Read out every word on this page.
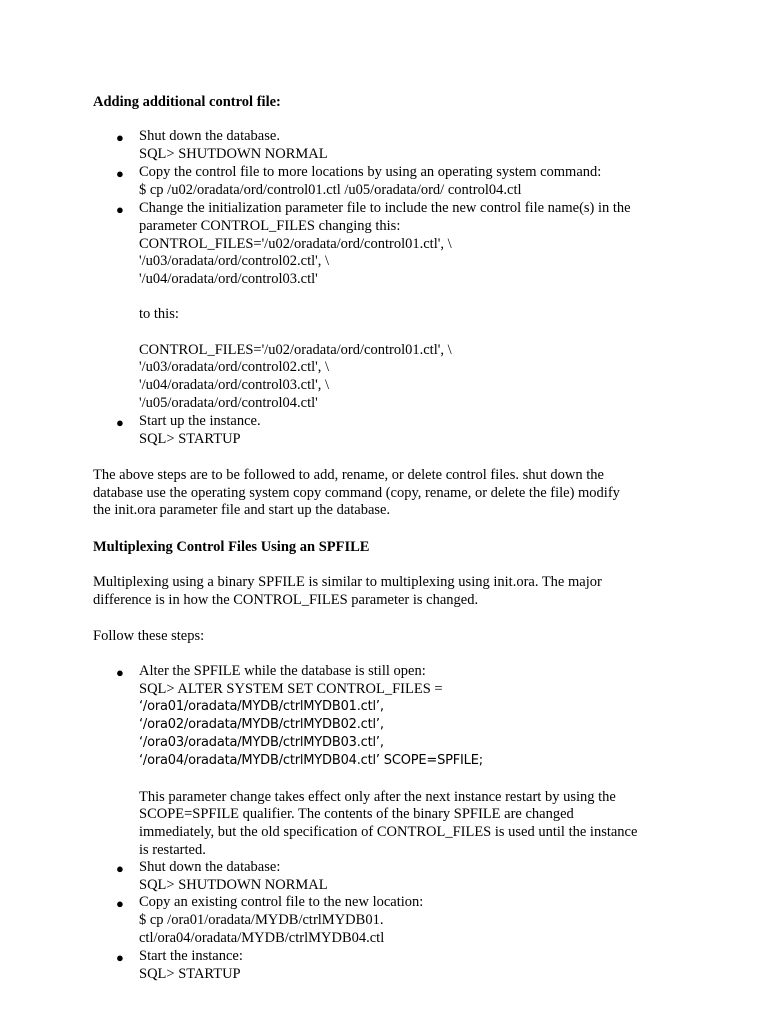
Adding additional control file:
● Shut down the database.
SQL> SHUTDOWN NORMAL
● Copy the control file to more locations by using an operating system command:
$ cp /u02/oradata/ord/control01.ctl /u05/oradata/ord/ control04.ctl
● Change the initialization parameter file to include the new control file name(s) in the
parameter CONTROL_FILES changing this:
CONTROL_FILES='/u02/oradata/ord/control01.ctl', \
'/u03/oradata/ord/control02.ctl', \
'/u04/oradata/ord/control03.ctl'
to this:
CONTROL_FILES='/u02/oradata/ord/control01.ctl', \
'/u03/oradata/ord/control02.ctl', \
'/u04/oradata/ord/control03.ctl', \
'/u05/oradata/ord/control04.ctl'
● Start up the instance.
SQL> STARTUP
The above steps are to be followed to add, rename, or delete control files. shut down the
database use the operating system copy command (copy, rename, or delete the file) modify
the init.ora parameter file and start up the database.
Multiplexing Control Files Using an SPFILE
Multiplexing using a binary SPFILE is similar to multiplexing using init.ora. The major
difference is in how the CONTROL_FILES parameter is changed.
Follow these steps:
● Alter the SPFILE while the database is still open:
SQL> ALTER SYSTEM SET CONTROL_FILES =
‘/ora01/oradata/MYDB/ctrlMYDB01.ctl’,
‘/ora02/oradata/MYDB/ctrlMYDB02.ctl’,
‘/ora03/oradata/MYDB/ctrlMYDB03.ctl’,
‘/ora04/oradata/MYDB/ctrlMYDB04.ctl’ SCOPE=SPFILE;
This parameter change takes effect only after the next instance restart by using the
SCOPE=SPFILE qualifier. The contents of the binary SPFILE are changed
immediately, but the old specification of CONTROL_FILES is used until the instance
is restarted.
● Shut down the database:
SQL> SHUTDOWN NORMAL
● Copy an existing control file to the new location:
$ cp /ora01/oradata/MYDB/ctrlMYDB01.
ctl/ora04/oradata/MYDB/ctrlMYDB04.ctl
● Start the instance:
SQL> STARTUP
